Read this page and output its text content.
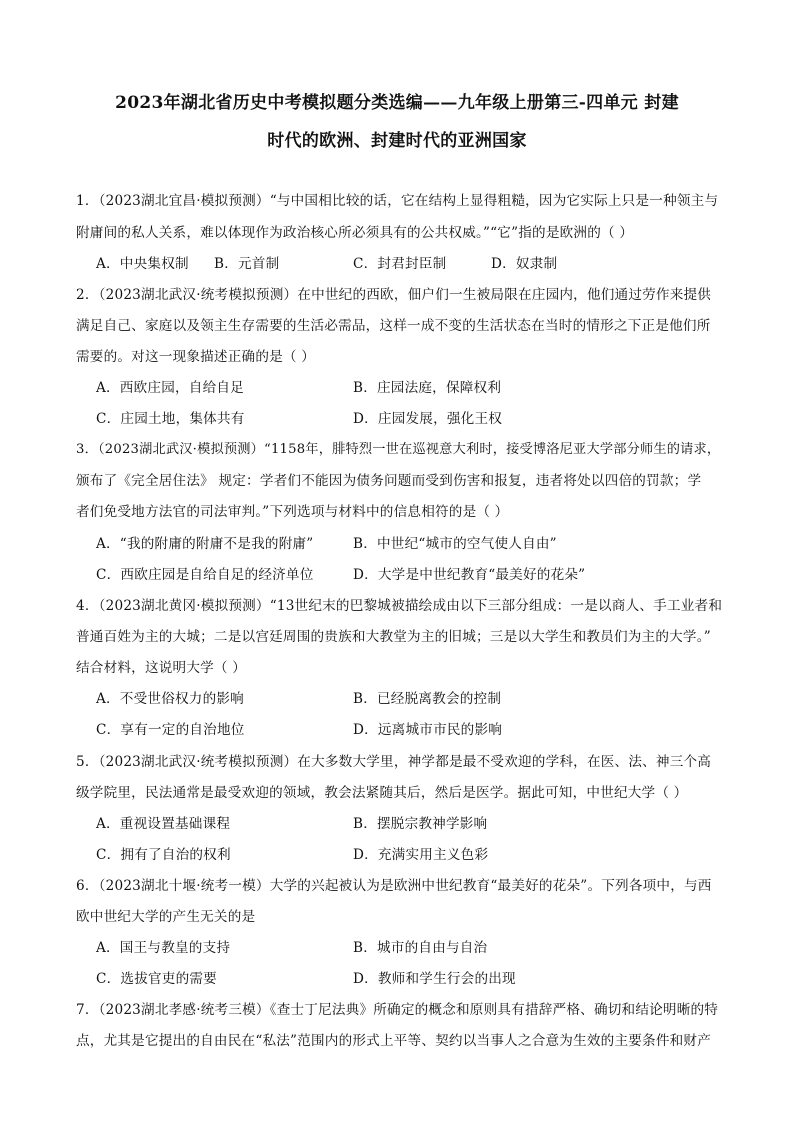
2023年湖北省历史中考模拟题分类选编——九年级上册第三-四单元 封建
时代的欧洲、封建时代的亚洲国家
1．（2023湖北宜昌·模拟预测）“与中国相比较的话，它在结构上显得粗糙，因为它实际上只是一种领主与
附庸间的私人关系，难以体现作为政治核心所必须具有的公共权威。”“它”指的是欧洲的（ ）
A．中央集权制 B．元首制	C．封君封臣制	D．奴隶制
2．（2023湖北武汉·统考模拟预测）在中世纪的西欧，佃户们一生被局限在庄园内，他们通过劳作来提供
满足自己、家庭以及领主生存需要的生活必需品，这样一成不变的生活状态在当时的情形之下正是他们所
需要的。对这一现象描述正确的是（ ）
A．西欧庄园，自给自足	B．庄园法庭，保障权利
C．庄园土地，集体共有	D．庄园发展，强化王权
3．（2023湖北武汉·模拟预测）“1158年，腓特烈一世在巡视意大利时，接受博洛尼亚大学部分师生的请求，
颁布了《完全居住法》 规定：学者们不能因为债务问题而受到伤害和报复，违者将处以四倍的罚款；学
者们免受地方法官的司法审判。”下列选项与材料中的信息相符的是（ ）
A．“我的附庸的附庸不是我的附庸”	B．中世纪“城市的空气使人自由”
C．西欧庄园是自给自足的经济单位	D．大学是中世纪教育“最美好的花朵”
4．（2023湖北黄冈·模拟预测）“13世纪末的巴黎城被描绘成由以下三部分组成：一是以商人、手工业者和
普通百姓为主的大城；二是以宫廷周围的贵族和大教堂为主的旧城；三是以大学生和教员们为主的大学。”
结合材料，这说明大学（ ）
A．不受世俗权力的影响	B．已经脱离教会的控制
C．享有一定的自治地位	D．远离城市市民的影响
5．（2023湖北武汉·统考模拟预测）在大多数大学里，神学都是最不受欢迎的学科，在医、法、神三个高
级学院里，民法通常是最受欢迎的领域，教会法紧随其后，然后是医学。据此可知，中世纪大学（ ）
A．重视设置基础课程	B．摆脱宗教神学影响
C．拥有了自治的权利	D．充满实用主义色彩
6．（2023湖北十堰·统考一模）大学的兴起被认为是欧洲中世纪教育“最美好的花朵”。下列各项中，与西
欧中世纪大学的产生无关的是
A．国王与教皇的支持	B．城市的自由与自治
C．选拔官吏的需要	D．教师和学生行会的出现
7．（2023湖北孝感·统考三模）《查士丁尼法典》所确定的概念和原则具有措辞严格、确切和结论明晰的特
点，尤其是它提出的自由民在“私法”范围内的形式上平等、契约以当事人之合意为生效的主要条件和财产
